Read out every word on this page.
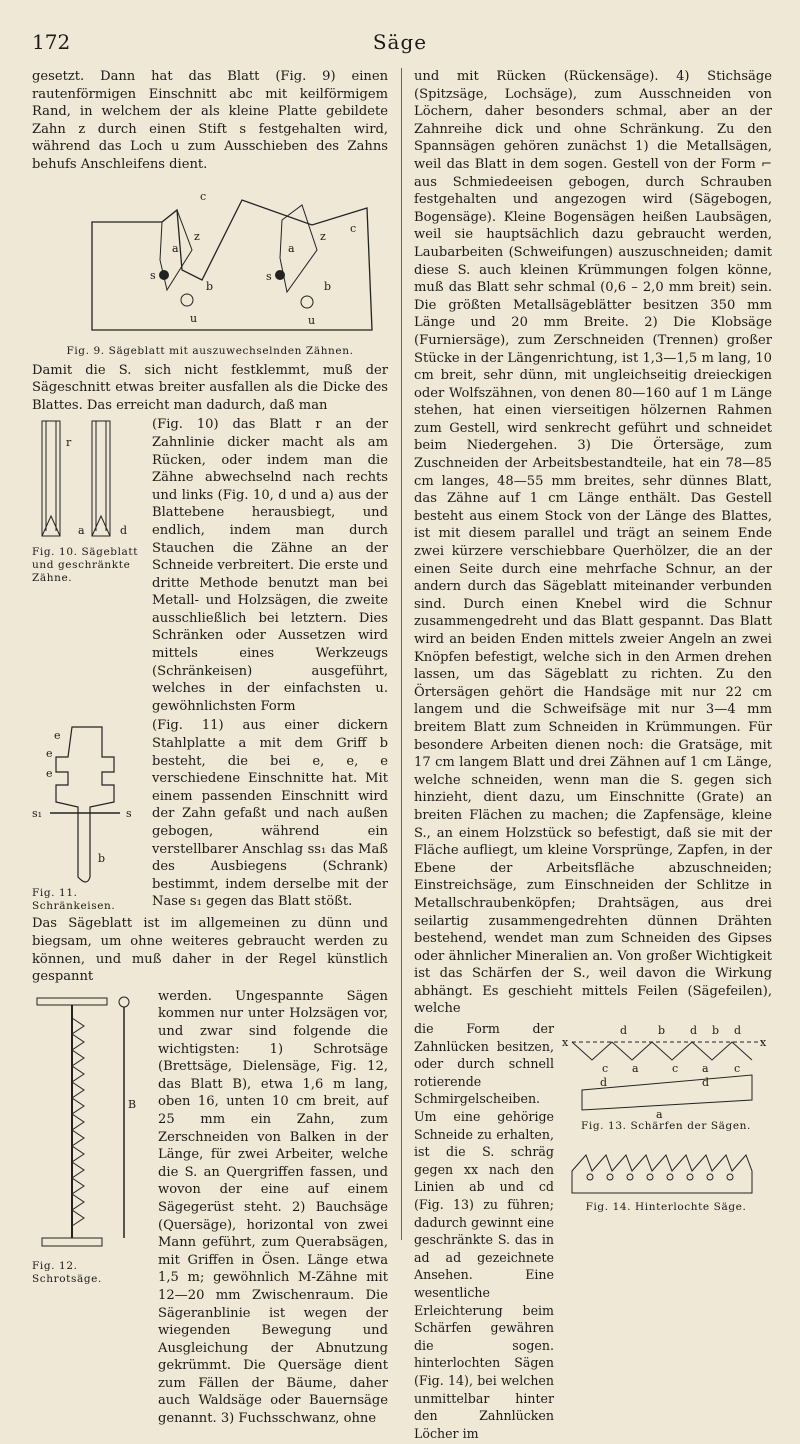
172	Säge

gesetzt. Dann hat das Blatt (Fig. 9) einen rautenförmigen Einschnitt abc mit keilförmigem Rand, in welchem der als kleine Platte gebildete Zahn z durch einen Stift s festgehalten wird, während das Loch u zum Ausschieben des Zahns behufs Anschleifens dient.

c
z
a
s
b
u
c
a
z
s
b
u
Fig. 9. Sägeblatt mit auszuwechselnden Zähnen.

Damit die S. sich nicht festklemmt, muß der Sägeschnitt etwas breiter ausfallen als die Dicke des Blattes. Das erreicht man dadurch, daß man

r
a	d
Fig. 10. Sägeblatt und geschränkte Zähne.

(Fig. 10) das Blatt r an der Zahnlinie dicker macht als am Rücken, oder indem man die Zähne abwechselnd nach rechts und links (Fig. 10, d und a) aus der Blattebene herausbiegt, und endlich, indem man durch Stauchen die Zähne an der Schneide verbreitert. Die erste und dritte Methode benutzt man bei Metall- und Holzsägen, die zweite ausschließlich bei letztern. Dies Schränken oder Aussetzen wird mittels eines Werkzeugs (Schränkeisen) ausgeführt, welches in der einfachsten u. gewöhnlichsten Form

e
e
e
s₁	s
b
Fig. 11. Schränkeisen.

(Fig. 11) aus einer dickern Stahlplatte a mit dem Griff b besteht, die bei e, e, e verschiedene Einschnitte hat. Mit einem passenden Einschnitt wird der Zahn gefaßt und nach außen gebogen, während ein verstellbarer Anschlag ss₁ das Maß des Ausbiegens (Schrank) bestimmt, indem derselbe mit der Nase s₁ gegen das Blatt stößt.

Das Sägeblatt ist im allgemeinen zu dünn und biegsam, um ohne weiteres gebraucht werden zu können, und muß daher in der Regel künstlich gespannt

B
Fig. 12. Schrotsäge.

werden. Ungespannte Sägen kommen nur unter Holzsägen vor, und zwar sind folgende die wichtigsten: 1) Schrotsäge (Brettsäge, Dielensäge, Fig. 12, das Blatt B), etwa 1,6 m lang, oben 16, unten 10 cm breit, auf 25 mm ein Zahn, zum Zerschneiden von Balken in der Länge, für zwei Arbeiter, welche die S. an Quergriffen fassen, und wovon der eine auf einem Sägegerüst steht. 2) Bauchsäge (Quersäge), horizontal von zwei Mann geführt, zum Querabsägen, mit Griffen in Ösen. Länge etwa 1,5 m; gewöhnlich M-Zähne mit 12—20 mm Zwischenraum. Die Sägeranblinie ist wegen der wiegenden Bewegung und Ausgleichung der Abnutzung gekrümmt. Die Quersäge dient zum Fällen der Bäume, daher auch Waldsäge oder Bauernsäge genannt. 3) Fuchsschwanz, ohne

und mit Rücken (Rückensäge). 4) Stichsäge (Spitzsäge, Lochsäge), zum Ausschneiden von Löchern, daher besonders schmal, aber an der Zahnreihe dick und ohne Schränkung. Zu den Spannsägen gehören zunächst 1) die Metallsägen, weil das Blatt in dem sogen. Gestell von der Form ⌐ aus Schmiedeeisen gebogen, durch Schrauben festgehalten und angezogen wird (Sägebogen, Bogensäge). Kleine Bogensägen heißen Laubsägen, weil sie hauptsächlich dazu gebraucht werden, Laubarbeiten (Schweifungen) auszuschneiden; damit diese S. auch kleinen Krümmungen folgen könne, muß das Blatt sehr schmal (0,6 – 2,0 mm breit) sein. Die größten Metallsägeblätter besitzen 350 mm Länge und 20 mm Breite. 2) Die Klobsäge (Furniersäge), zum Zerschneiden (Trennen) großer Stücke in der Längenrichtung, ist 1,3—1,5 m lang, 10 cm breit, sehr dünn, mit ungleichseitig dreieckigen oder Wolfszähnen, von denen 80—160 auf 1 m Länge stehen, hat einen vierseitigen hölzernen Rahmen zum Gestell, wird senkrecht geführt und schneidet beim Niedergehen. 3) Die Örtersäge, zum Zuschneiden der Arbeitsbestandteile, hat ein 78—85 cm langes, 48—55 mm breites, sehr dünnes Blatt, das Zähne auf 1 cm Länge enthält. Das Gestell besteht aus einem Stock von der Länge des Blattes, ist mit diesem parallel und trägt an seinem Ende zwei kürzere verschiebbare Querhölzer, die an der einen Seite durch eine mehrfache Schnur, an der andern durch das Sägeblatt miteinander verbunden sind. Durch einen Knebel wird die Schnur zusammengedreht und das Blatt gespannt. Das Blatt wird an beiden Enden mittels zweier Angeln an zwei Knöpfen befestigt, welche sich in den Armen drehen lassen, um das Sägeblatt zu richten. Zu den Örtersägen gehört die Handsäge mit nur 22 cm langem und die Schweifsäge mit nur 3—4 mm breitem Blatt zum Schneiden in Krümmungen. Für besondere Arbeiten dienen noch: die Gratsäge, mit 17 cm langem Blatt und drei Zähnen auf 1 cm Länge, welche schneiden, wenn man die S. gegen sich hinzieht, dient dazu, um Einschnitte (Grate) an breiten Flächen zu machen; die Zapfensäge, kleine S., an einem Holzstück so befestigt, daß sie mit der Fläche aufliegt, um kleine Vorsprünge, Zapfen, in der Ebene der Arbeitsfläche abzuschneiden; Einstreichsäge, zum Einschneiden der Schlitze in Metallschraubenköpfen; Drahtsägen, aus drei seilartig zusammengedrehten dünnen Drähten bestehend, wendet man zum Schneiden des Gipses oder ähnlicher Mineralien an. Von großer Wichtigkeit ist das Schärfen der S., weil davon die Wirkung abhängt. Es geschieht mittels Feilen (Sägefeilen), welche

die Form der Zahnlücken besitzen, oder durch schnell rotierende Schmirgelscheiben. Um eine gehörige Schneide zu erhalten, ist die S. schräg gegen xx nach den Linien ab und cd (Fig. 13) zu führen; dadurch gewinnt eine geschränkte S. das in ad ad gezeichnete Ansehen. Eine wesentliche Erleichterung beim Schärfen gewähren die sogen. hinterlochten Sägen (Fig. 14), bei welchen unmittelbar hinter den Zahnlücken Löcher im

d	b d b d
x	x
c a	c a c
d	d
a
Fig. 13. Schärfen der Sägen.
Fig. 14. Hinterlochte Säge.
